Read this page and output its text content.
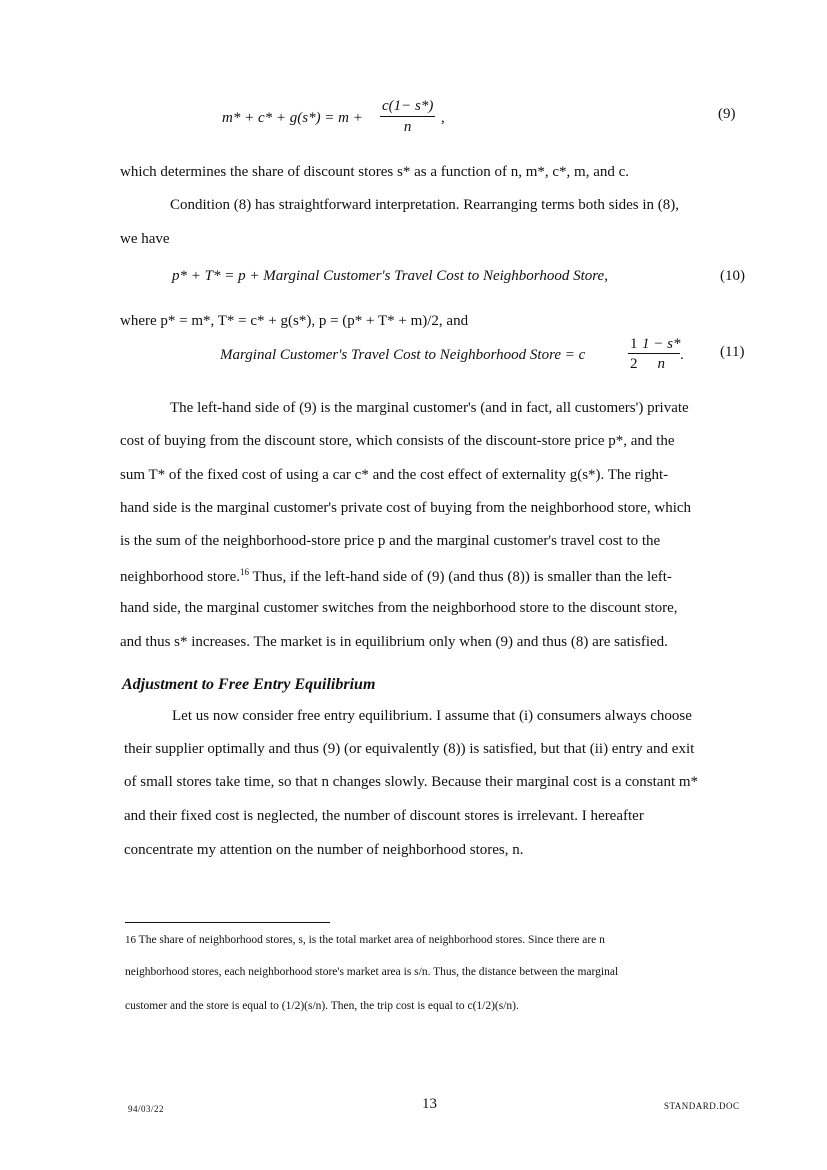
$m* + c* + g(s*) = m + \frac{c(1- s*)}{n}$ ,	(9)
which determines the share of discount stores s* as a function of n, m*, c*, m, and c.
Condition (8) has straightforward interpretation. Rearranging terms both sides in (8),
we have
p* + T* = p + Marginal Customer's Travel Cost to Neighborhood Store,	(10)
where p* = m*, T* = c* + g(s*), p = (p* + T* + m)/2, and
Marginal Customer's Travel Cost to Neighborhood Store = c
1
2
1 − s*
n
. (11)
The left-hand side of (9) is the marginal customer's (and in fact, all customers') private
cost of buying from the discount store, which consists of the discount-store price p*, and the
sum T* of the fixed cost of using a car c* and the cost effect of externality g(s*). The right-
hand side is the marginal customer's private cost of buying from the neighborhood store, which
is the sum of the neighborhood-store price p and the marginal customer's travel cost to the
neighborhood store.$^{16}$ Thus, if the left-hand side of (9) (and thus (8)) is smaller than the left-
hand side, the marginal customer switches from the neighborhood store to the discount store,
and thus s* increases. The market is in equilibrium only when (9) and thus (8) are satisfied.
Adjustment to Free Entry Equilibrium
Let us now consider free entry equilibrium. I assume that (i) consumers always choose
their supplier optimally and thus (9) (or equivalently (8)) is satisfied, but that (ii) entry and exit
of small stores take time, so that n changes slowly. Because their marginal cost is a constant m*
and their fixed cost is neglected, the number of discount stores is irrelevant. I hereafter
concentrate my attention on the number of neighborhood stores, n.
16 The share of neighborhood stores, s, is the total market area of neighborhood stores. Since there are n
neighborhood stores, each neighborhood store's market area is s/n. Thus, the distance between the marginal
customer and the store is equal to (1/2)(s/n). Then, the trip cost is equal to c(1/2)(s/n).
94/03/22	13	STANDARD.DOC
